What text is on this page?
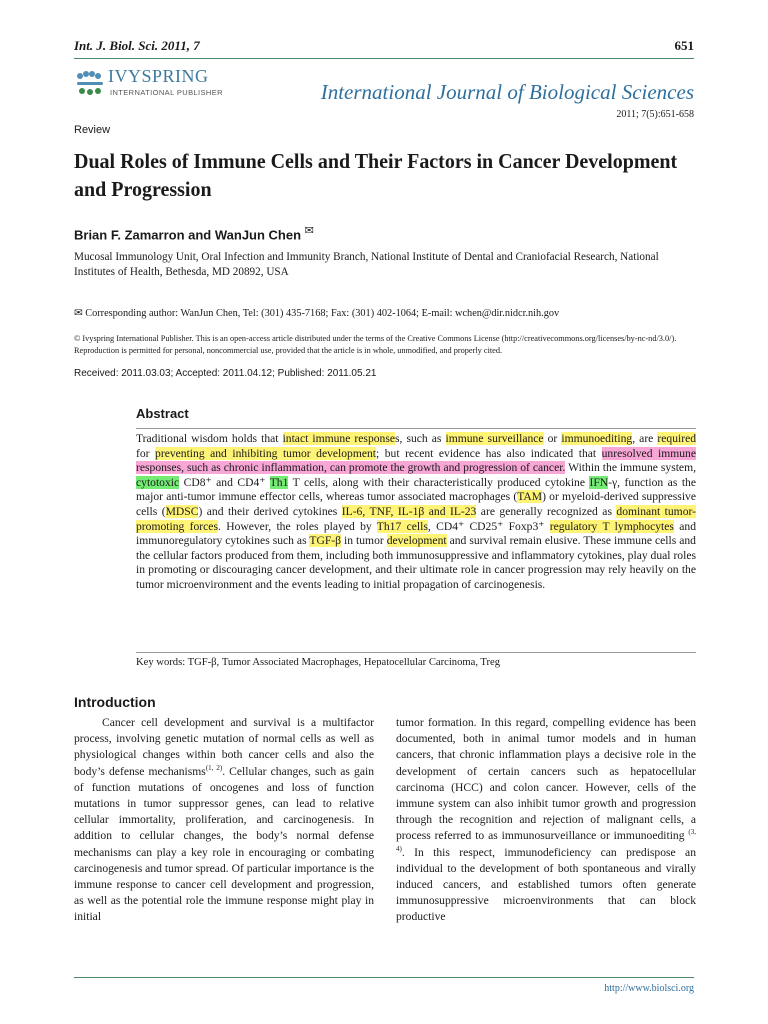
Int. J. Biol. Sci. 2011, 7	651
IVYSPRING
INTERNATIONAL PUBLISHER	International Journal of Biological Sciences
2011; 7(5):651-658
Review
Dual Roles of Immune Cells and Their Factors in Cancer Development and Progression
Brian F. Zamarron and WanJun Chen ✉
Mucosal Immunology Unit, Oral Infection and Immunity Branch, National Institute of Dental and Craniofacial Research, National Institutes of Health, Bethesda, MD 20892, USA
✉ Corresponding author: WanJun Chen, Tel: (301) 435-7168; Fax: (301) 402-1064; E-mail: wchen@dir.nidcr.nih.gov
© Ivyspring International Publisher. This is an open-access article distributed under the terms of the Creative Commons License (http://creativecommons.org/licenses/by-nc-nd/3.0/). Reproduction is permitted for personal, noncommercial use, provided that the article is in whole, unmodified, and properly cited.
Received: 2011.03.03; Accepted: 2011.04.12; Published: 2011.05.21
Abstract
Traditional wisdom holds that intact immune responses, such as immune surveillance or immunoediting, are required for preventing and inhibiting tumor development; but recent evidence has also indicated that unresolved immune responses, such as chronic inflammation, can promote the growth and progression of cancer. Within the immune system, cytotoxic CD8⁺ and CD4⁺ Th1 T cells, along with their characteristically produced cytokine IFN-γ, function as the major anti-tumor immune effector cells, whereas tumor associated macrophages (TAM) or myeloid-derived suppressive cells (MDSC) and their derived cytokines IL-6, TNF, IL-1β and IL-23 are generally recognized as dominant tumor-promoting forces. However, the roles played by Th17 cells, CD4⁺ CD25⁺ Foxp3⁺ regulatory T lymphocytes and immunoregulatory cytokines such as TGF-β in tumor development and survival remain elusive. These immune cells and the cellular factors produced from them, including both immunosuppressive and inflammatory cytokines, play dual roles in promoting or discouraging cancer development, and their ultimate role in cancer progression may rely heavily on the tumor microenvironment and the events leading to initial propagation of carcinogenesis.
Key words: TGF-β, Tumor Associated Macrophages, Hepatocellular Carcinoma, Treg
Introduction
Cancer cell development and survival is a multifactor process, involving genetic mutation of normal cells as well as physiological changes within both cancer cells and also the body’s defense mechanisms$^{(1, 2)}$. Cellular changes, such as gain of function mutations of oncogenes and loss of function mutations in tumor suppressor genes, can lead to relative cellular immortality, proliferation, and carcinogenesis. In addition to cellular changes, the body’s normal defense mechanisms can play a key role in encouraging or combating carcinogenesis and tumor spread. Of particular importance is the immune response to cancer cell development and progression, as well as the potential role the immune response might play in initial
tumor formation. In this regard, compelling evidence has been documented, both in animal tumor models and in human cancers, that chronic inflammation plays a decisive role in the development of certain cancers such as hepatocellular carcinoma (HCC) and colon cancer. However, cells of the immune system can also inhibit tumor growth and progression through the recognition and rejection of malignant cells, a process referred to as immunosurveillance or immunoediting $^{(3, 4)}$. In this respect, immunodeficiency can predispose an individual to the development of both spontaneous and virally induced cancers, and established tumors often generate immunosuppressive microenvironments that can block productive
http://www.biolsci.org
